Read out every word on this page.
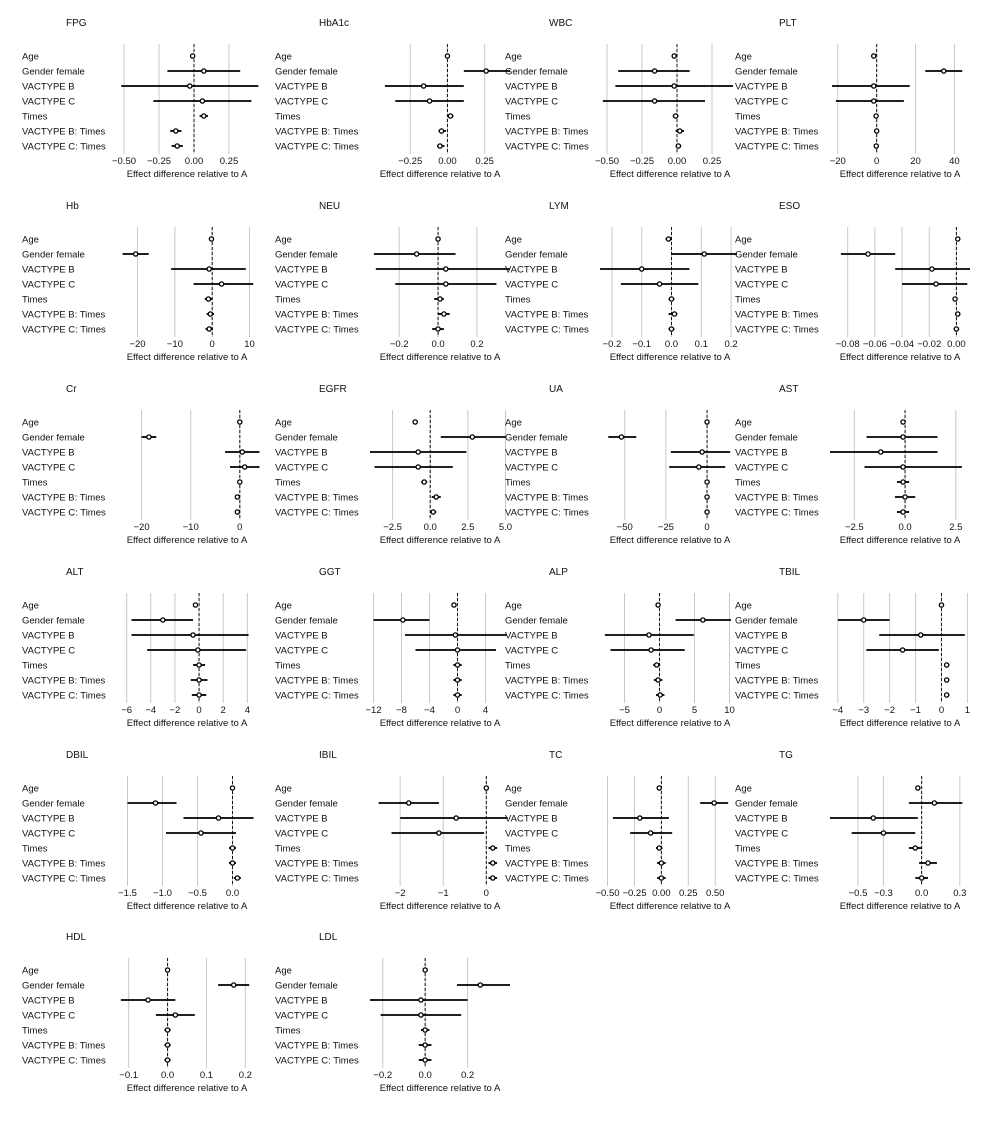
FPG
Age
Gender female
VACTYPE B
VACTYPE C
Times
VACTYPE B: Times
VACTYPE C: Times
−0.50 −0.25 0.00 0.25
Effect difference relative to A
HbA1c
Age
Gender female
VACTYPE B
VACTYPE C
Times
VACTYPE B: Times
VACTYPE C: Times
−0.25 0.00 0.25
Effect difference relative to A
WBC
Age
Gender female
VACTYPE B
VACTYPE C
Times
VACTYPE B: Times
VACTYPE C: Times
−0.50 −0.25 0.00 0.25
Effect difference relative to A
PLT
Age
Gender female
VACTYPE B
VACTYPE C
Times
VACTYPE B: Times
VACTYPE C: Times
−20	0	20	40
Effect difference relative to A
Hb
Age
Gender female
VACTYPE B
VACTYPE C
Times
VACTYPE B: Times
VACTYPE C: Times
−20 −10	0	10
Effect difference relative to A
NEU
Age
Gender female
VACTYPE B
VACTYPE C
Times
VACTYPE B: Times
VACTYPE C: Times
−0.2 0.0	0.2
Effect difference relative to A
LYM
Age
Gender female
VACTYPE B
VACTYPE C
Times
VACTYPE B: Times
VACTYPE C: Times
−0.2 −0.1 0.0 0.1 0.2
Effect difference relative to A
ESO
Age
Gender female
VACTYPE B
VACTYPE C
Times
VACTYPE B: Times
VACTYPE C: Times
−0.08 −0.06 −0.04 −0.02 0.00
Effect difference relative to A
Cr
Age
Gender female
VACTYPE B
VACTYPE C
Times
VACTYPE B: Times
VACTYPE C: Times
−20	−10	0
Effect difference relative to A
EGFR
Age
Gender female
VACTYPE B
VACTYPE C
Times
VACTYPE B: Times
VACTYPE C: Times
−2.5 0.0	2.5	5.0
Effect difference relative to A
UA
Age
Gender female
VACTYPE B
VACTYPE C
Times
VACTYPE B: Times
VACTYPE C: Times
−50	−25	0
Effect difference relative to A
AST
Age
Gender female
VACTYPE B
VACTYPE C
Times
VACTYPE B: Times
VACTYPE C: Times
−2.5	0.0	2.5
Effect difference relative to A
ALT
Age
Gender female
VACTYPE B
VACTYPE C
Times
VACTYPE B: Times
VACTYPE C: Times
−6 −4 −2 0 2 4
Effect difference relative to A
GGT
Age
Gender female
VACTYPE B
VACTYPE C
Times
VACTYPE B: Times
VACTYPE C: Times
−12 −8 −4 0 4
Effect difference relative to A
ALP
Age
Gender female
VACTYPE B
VACTYPE C
Times
VACTYPE B: Times
VACTYPE C: Times
−5	0	5	10
Effect difference relative to A
TBIL
Age
Gender female
VACTYPE B
VACTYPE C
Times
VACTYPE B: Times
VACTYPE C: Times
−4 −3 −2 −1 0 1
Effect difference relative to A
DBIL
Age
Gender female
VACTYPE B
VACTYPE C
Times
VACTYPE B: Times
VACTYPE C: Times
−1.5 −1.0 −0.5 0.0
Effect difference relative to A
IBIL
Age
Gender female
VACTYPE B
VACTYPE C
Times
VACTYPE B: Times
VACTYPE C: Times
−2	−1	0
Effect difference relative to A
TC
Age
Gender female
VACTYPE B
VACTYPE C
Times
VACTYPE B: Times
VACTYPE C: Times
−0.50 −0.25 0.00 0.25 0.50
Effect difference relative to A
TG
Age
Gender female
VACTYPE B
VACTYPE C
Times
VACTYPE B: Times
VACTYPE C: Times
−0.5 −0.3 0.0	0.3
Effect difference relative to A
HDL
Age
Gender female
VACTYPE B
VACTYPE C
Times
VACTYPE B: Times
VACTYPE C: Times
−0.1 0.0	0.1	0.2
Effect difference relative to A
LDL
Age
Gender female
VACTYPE B
VACTYPE C
Times
VACTYPE B: Times
VACTYPE C: Times
−0.2	0.0	0.2
Effect difference relative to A
